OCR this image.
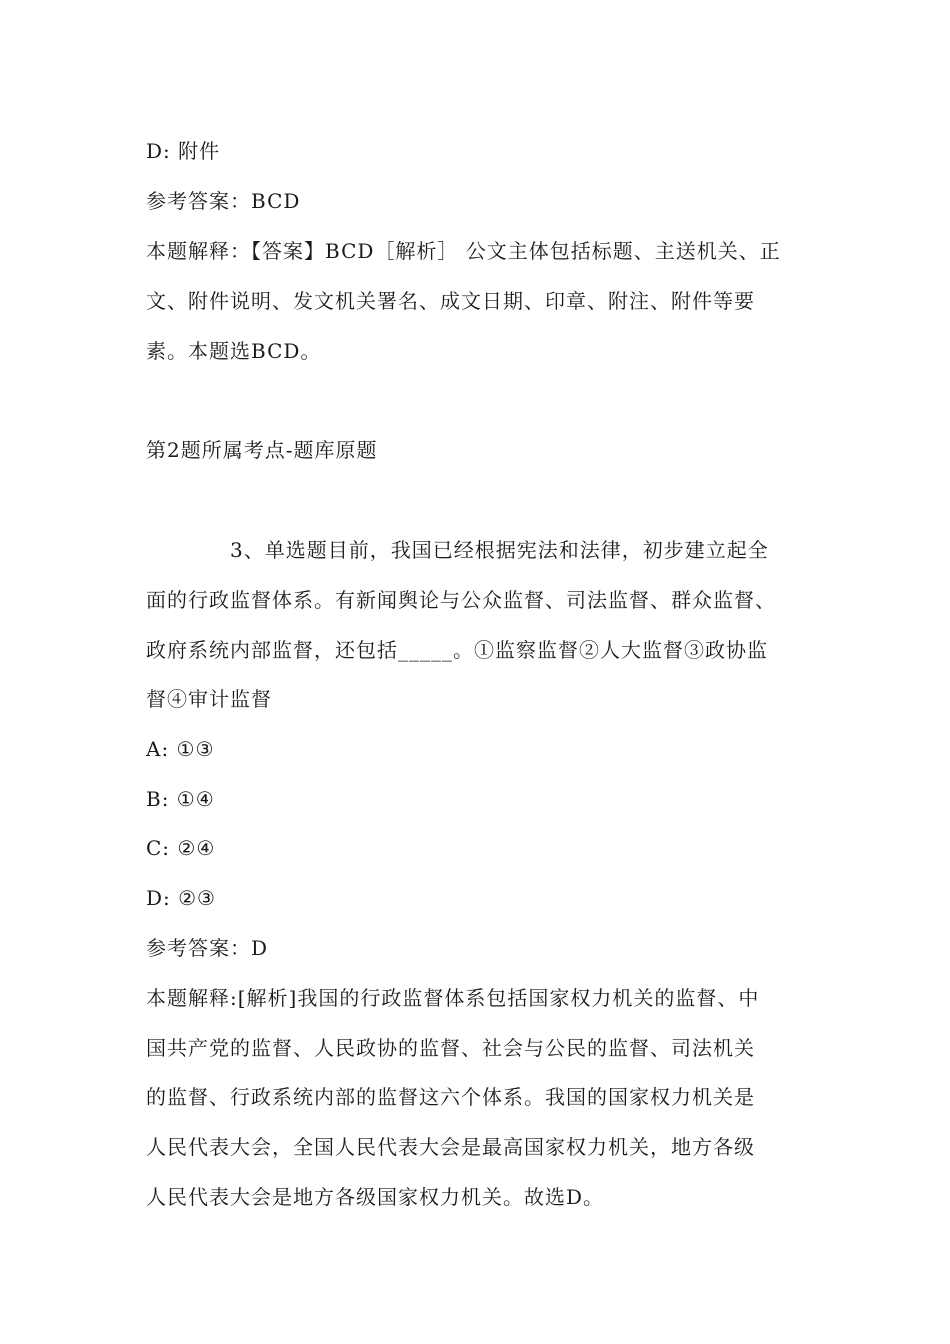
D: 附件
参考答案：BCD
本题解释：【答案】BCD［解析］ 公文主体包括标题、主送机关、正
文、附件说明、发文机关署名、成文日期、印章、附注、附件等要
素。本题选BCD。
第2题所属考点-题库原题
3、单选题目前，我国已经根据宪法和法律，初步建立起全
面的行政监督体系。有新闻舆论与公众监督、司法监督、群众监督、
政府系统内部监督，还包括_____。①监察监督②人大监督③政协监
督④审计监督
A: ①③
B: ①④
C: ②④
D: ②③
参考答案：D
本题解释:[解析]我国的行政监督体系包括国家权力机关的监督、中
国共产党的监督、人民政协的监督、社会与公民的监督、司法机关
的监督、行政系统内部的监督这六个体系。我国的国家权力机关是
人民代表大会，全国人民代表大会是最高国家权力机关，地方各级
人民代表大会是地方各级国家权力机关。故选D。
